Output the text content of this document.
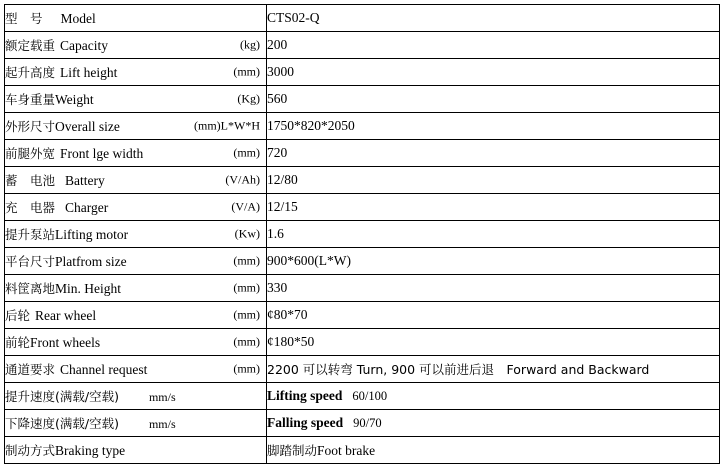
型　号 Model	CTS02-Q
额定载重 Capacity (kg)	200
起升高度 Lift height (mm)	3000
车身重量Weight (Kg)	560
外形尺寸Overall size (mm)L*W*H	1750*820*2050
前腿外宽 Front lge width (mm)	720
蓄　电池 Battery (V/Ah)	12/80
充　电器 Charger (V/A)	12/15
提升泵站Lifting motor (Kw)	1.6
平台尺寸Platfrom size (mm)	900*600(L*W)
料筐离地Min. Height (mm)	330
后轮 Rear wheel (mm)	¢80*70
前轮Front wheels (mm)	¢180*50
通道要求 Channel request (mm)	2200 可以转弯 Turn, 900 可以前进后退　Forward and Backward
提升速度(满载/空载) mm/s	Lifting speed 60/100
下降速度(满载/空载) mm/s	Falling speed 90/70
制动方式Braking type	脚踏制动Foot brake
